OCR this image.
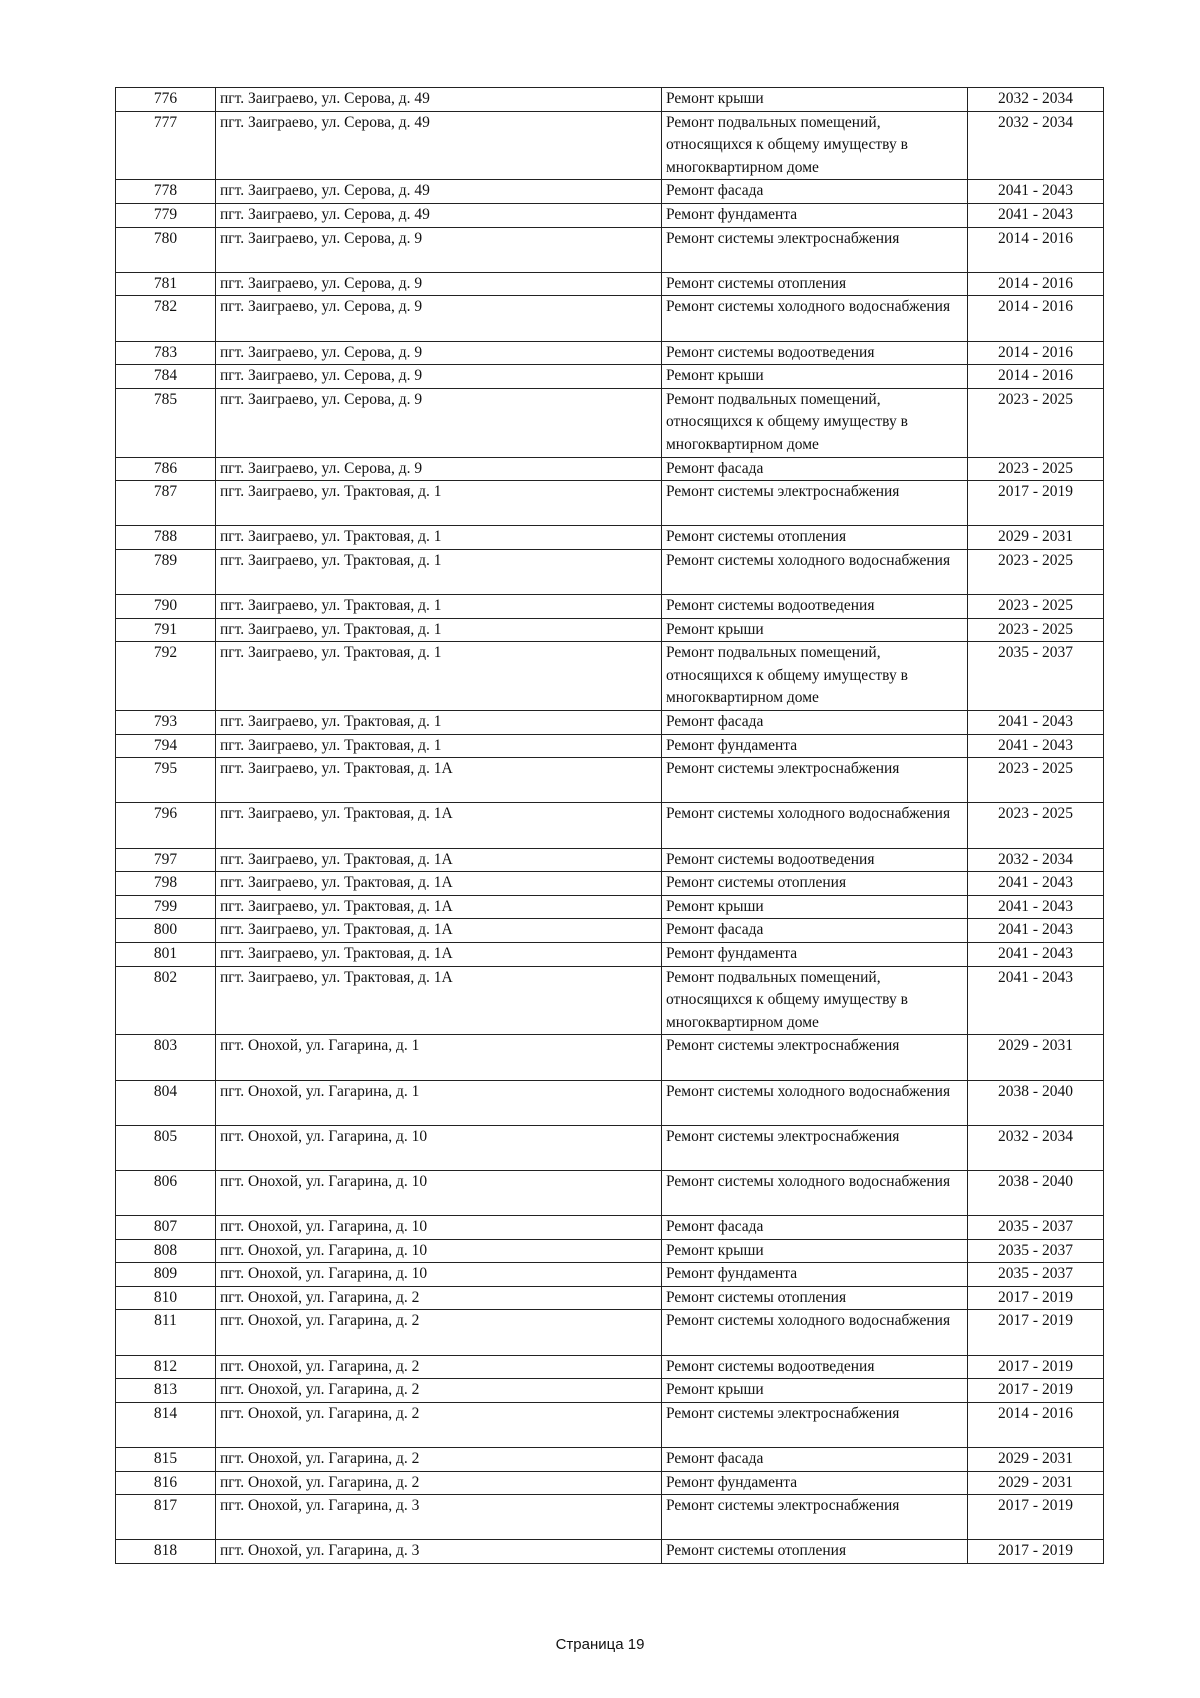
776	пгт. Заиграево, ул. Серова, д. 49	Ремонт крыши	2032 - 2034
777	пгт. Заиграево, ул. Серова, д. 49	Ремонт подвальных помещений, относящихся к общему имуществу в многоквартирном доме	2032 - 2034
778	пгт. Заиграево, ул. Серова, д. 49	Ремонт фасада	2041 - 2043
779	пгт. Заиграево, ул. Серова, д. 49	Ремонт фундамента	2041 - 2043
780	пгт. Заиграево, ул. Серова, д. 9	Ремонт системы электроснабжения	2014 - 2016
781	пгт. Заиграево, ул. Серова, д. 9	Ремонт системы отопления	2014 - 2016
782	пгт. Заиграево, ул. Серова, д. 9	Ремонт системы холодного водоснабжения	2014 - 2016
783	пгт. Заиграево, ул. Серова, д. 9	Ремонт системы водоотведения	2014 - 2016
784	пгт. Заиграево, ул. Серова, д. 9	Ремонт крыши	2014 - 2016
785	пгт. Заиграево, ул. Серова, д. 9	Ремонт подвальных помещений, относящихся к общему имуществу в многоквартирном доме	2023 - 2025
786	пгт. Заиграево, ул. Серова, д. 9	Ремонт фасада	2023 - 2025
787	пгт. Заиграево, ул. Трактовая, д. 1	Ремонт системы электроснабжения	2017 - 2019
788	пгт. Заиграево, ул. Трактовая, д. 1	Ремонт системы отопления	2029 - 2031
789	пгт. Заиграево, ул. Трактовая, д. 1	Ремонт системы холодного водоснабжения	2023 - 2025
790	пгт. Заиграево, ул. Трактовая, д. 1	Ремонт системы водоотведения	2023 - 2025
791	пгт. Заиграево, ул. Трактовая, д. 1	Ремонт крыши	2023 - 2025
792	пгт. Заиграево, ул. Трактовая, д. 1	Ремонт подвальных помещений, относящихся к общему имуществу в многоквартирном доме	2035 - 2037
793	пгт. Заиграево, ул. Трактовая, д. 1	Ремонт фасада	2041 - 2043
794	пгт. Заиграево, ул. Трактовая, д. 1	Ремонт фундамента	2041 - 2043
795	пгт. Заиграево, ул. Трактовая, д. 1А	Ремонт системы электроснабжения	2023 - 2025
796	пгт. Заиграево, ул. Трактовая, д. 1А	Ремонт системы холодного водоснабжения	2023 - 2025
797	пгт. Заиграево, ул. Трактовая, д. 1А	Ремонт системы водоотведения	2032 - 2034
798	пгт. Заиграево, ул. Трактовая, д. 1А	Ремонт системы отопления	2041 - 2043
799	пгт. Заиграево, ул. Трактовая, д. 1А	Ремонт крыши	2041 - 2043
800	пгт. Заиграево, ул. Трактовая, д. 1А	Ремонт фасада	2041 - 2043
801	пгт. Заиграево, ул. Трактовая, д. 1А	Ремонт фундамента	2041 - 2043
802	пгт. Заиграево, ул. Трактовая, д. 1А	Ремонт подвальных помещений, относящихся к общему имуществу в многоквартирном доме	2041 - 2043
803	пгт. Онохой, ул. Гагарина, д. 1	Ремонт системы электроснабжения	2029 - 2031
804	пгт. Онохой, ул. Гагарина, д. 1	Ремонт системы холодного водоснабжения	2038 - 2040
805	пгт. Онохой, ул. Гагарина, д. 10	Ремонт системы электроснабжения	2032 - 2034
806	пгт. Онохой, ул. Гагарина, д. 10	Ремонт системы холодного водоснабжения	2038 - 2040
807	пгт. Онохой, ул. Гагарина, д. 10	Ремонт фасада	2035 - 2037
808	пгт. Онохой, ул. Гагарина, д. 10	Ремонт крыши	2035 - 2037
809	пгт. Онохой, ул. Гагарина, д. 10	Ремонт фундамента	2035 - 2037
810	пгт. Онохой, ул. Гагарина, д. 2	Ремонт системы отопления	2017 - 2019
811	пгт. Онохой, ул. Гагарина, д. 2	Ремонт системы холодного водоснабжения	2017 - 2019
812	пгт. Онохой, ул. Гагарина, д. 2	Ремонт системы водоотведения	2017 - 2019
813	пгт. Онохой, ул. Гагарина, д. 2	Ремонт крыши	2017 - 2019
814	пгт. Онохой, ул. Гагарина, д. 2	Ремонт системы электроснабжения	2014 - 2016
815	пгт. Онохой, ул. Гагарина, д. 2	Ремонт фасада	2029 - 2031
816	пгт. Онохой, ул. Гагарина, д. 2	Ремонт фундамента	2029 - 2031
817	пгт. Онохой, ул. Гагарина, д. 3	Ремонт системы электроснабжения	2017 - 2019
818	пгт. Онохой, ул. Гагарина, д. 3	Ремонт системы отопления	2017 - 2019
Страница 19
